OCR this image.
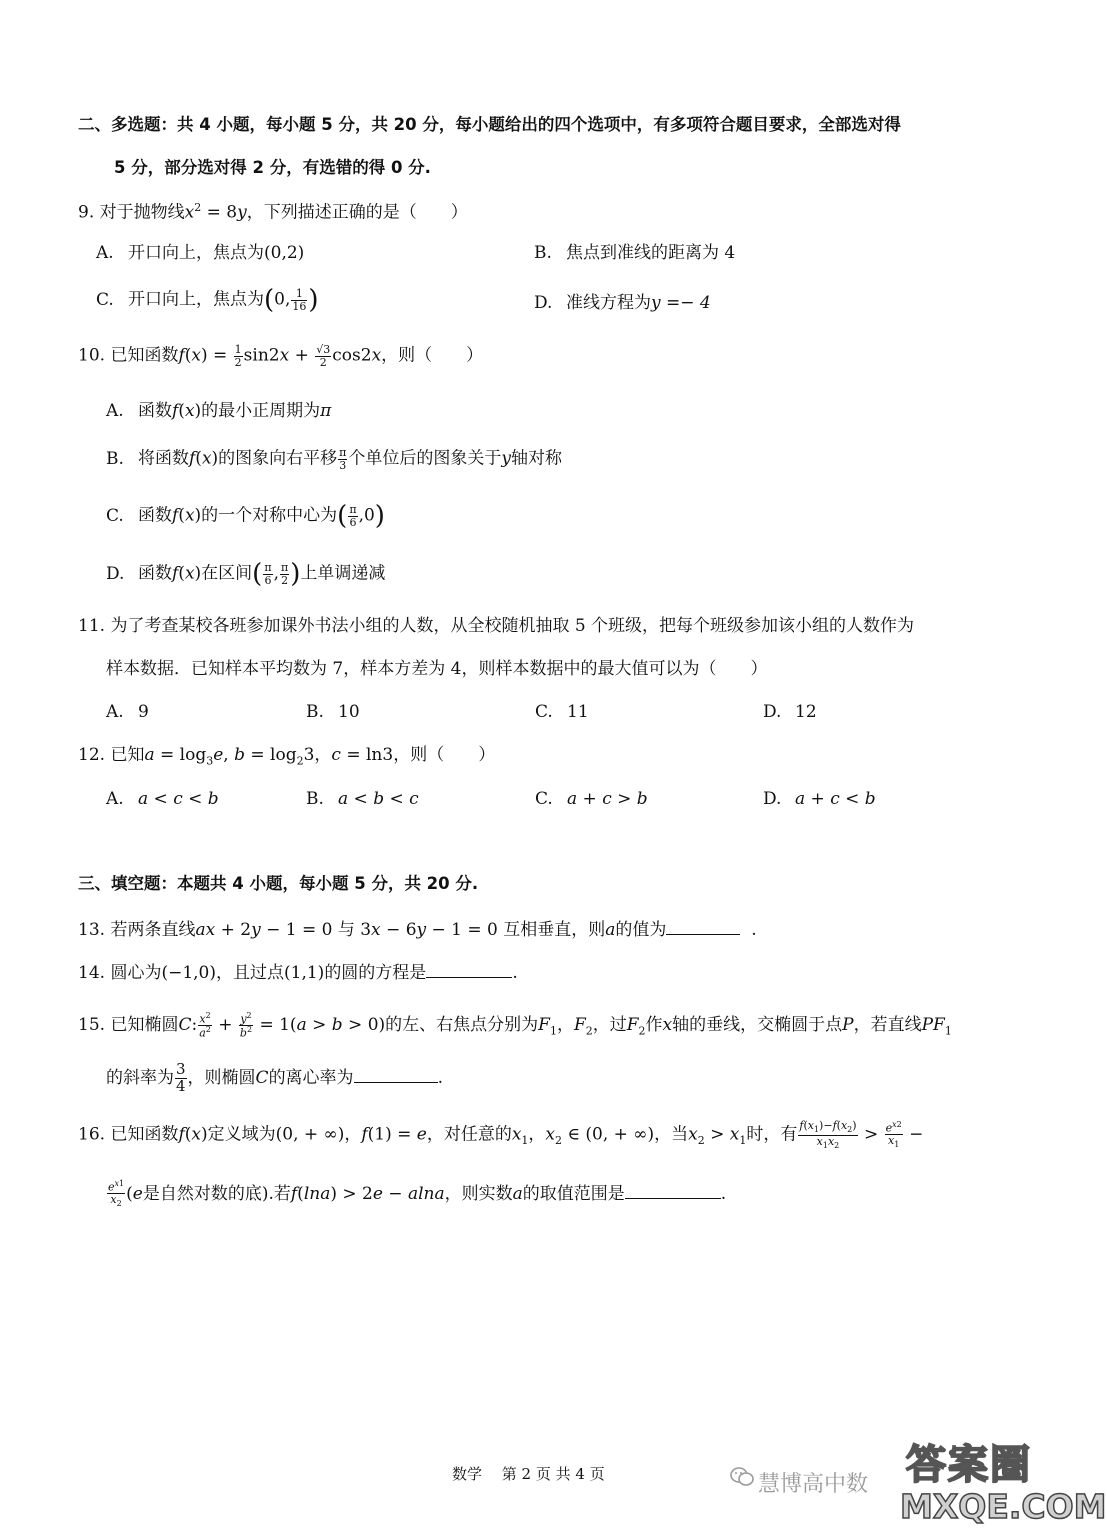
二、多选题：共 4 小题，每小题 5 分，共 20 分，每小题给出的四个选项中，有多项符合题目要求，全部选对得
5 分，部分选对得 2 分，有选错的得 0 分.
9. 对于抛物线$x^2 = 8y$，下列描述正确的是（　　）
A. 开口向上，焦点为(0,2)	B. 焦点到准线的距离为 4
C. 开口向上，焦点为(0, $\frac{1}{16}$ )	D. 准线方程为y =− 4
10. 已知函数$f(x) = \frac{1}{2} \sin 2x + \frac{√3}{2} \cos 2x$，则（　　）
A. 函数f(x)的最小正周期为π
B. 将函数f(x)的图象向右平移 $\frac{\pi}{3}$ 个单位后的图象关于y轴对称
C. 函数f(x)的一个对称中心为( $\frac{\pi}{6} ,0$)
D. 函数f(x)在区间( $\frac{\pi}{6}$ , $\frac{\pi}{2}$ )上单调递减
11. 为了考查某校各班参加课外书法小组的人数，从全校随机抽取 5 个班级，把每个班级参加该小组的人数作为
样本数据．已知样本平均数为 7，样本方差为 4，则样本数据中的最大值可以为（　　）
A. 9	B. 10	C. 11	D. 12
12. 已知$a = \log_3e$, $b = \log_23$，c = ln3，则（　　）
A. a < c < b	B. a < b < c	C. a + c > b	D. a + c < b
三、填空题：本题共 4 小题，每小题 5 分，共 20 分.
13. 若两条直线ax + 2y − 1 = 0 与 3x − 6y − 1 = 0 互相垂直，则a的值为	.
14. 圆心为(−1,0)，且过点(1,1)的圆的方程是	.
15. 已知椭圆C: $\frac{x^2}{a^2} + \frac{y^2}{b^2} = 1(a > b > 0)$的左、右焦点分别为$F_1$，$F_2$，过$F_2$作x轴的垂线，交椭圆于点P，若直线$PF_1$
的斜率为 $\frac{3}{4}$ ，则椭圆C的离心率为	.
16. 已知函数f(x)定义域为(0, + ∞)，f(1) = e，对任意的$x_1$，$x_2$ ∈ (0, + ∞)，当$x_2 > x_1$时，有 $\frac{f(x_1)-f(x_2)}{x_1x_2} > \frac{e^{x2}}{x_1}$ −
$\frac{e^{x1}}{x_2} (e$是自然对数的底).若f(lna) > 2e − alna，则实数a的取值范围是	.
数学　 第 2 页 共 4 页	慧博高中数 答案圈
MXQE.COM
